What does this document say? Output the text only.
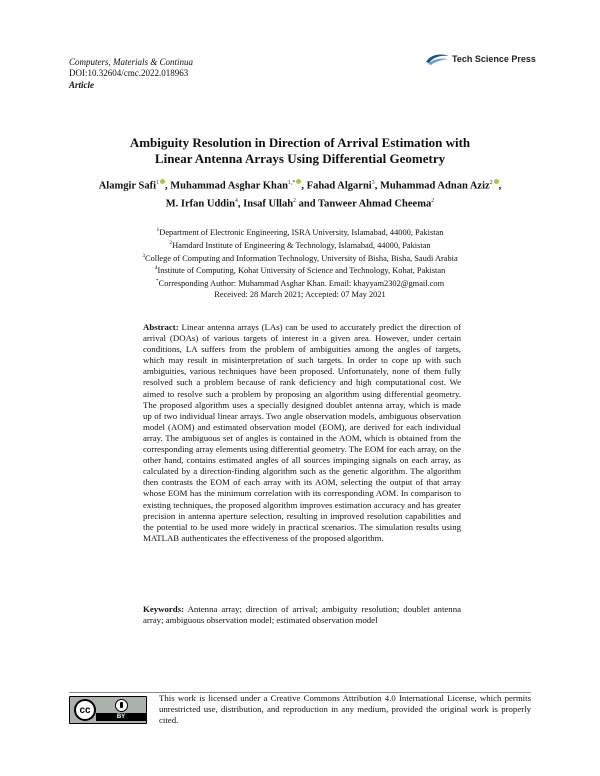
Computers, Materials & Continua
DOI:10.32604/cmc.2022.018963
Article
Tech Science Press
Ambiguity Resolution in Direction of Arrival Estimation with
Linear Antenna Arrays Using Differential Geometry
Alamgir Safi$^1$ , Muhammad Asghar Khan$^{1,*}$ , Fahad Algarni$^3$, Muhammad Adnan Aziz$^2$ ,
M. Irfan Uddin$^4$, Insaf Ullah$^2$ and Tanweer Ahmad Cheema$^2$
$^1$Department of Electronic Engineering, ISRA University, Islamabad, 44000, Pakistan
$^2$Hamdard Institute of Engineering & Technology, Islamabad, 44000, Pakistan
$^3$College of Computing and Information Technology, University of Bisha, Bisha, Saudi Arabia
$^4$Institute of Computing, Kohat University of Science and Technology, Kohat, Pakistan
*Corresponding Author: Muhammad Asghar Khan. Email: khayyam2302@gmail.com
Received: 28 March 2021; Accepted: 07 May 2021
Abstract: Linear antenna arrays (LAs) can be used to accurately predict the direction of arrival (DOAs) of various targets of interest in a given area. However, under certain conditions, LA suffers from the problem of ambiguities among the angles of targets, which may result in misinterpretation of such targets. In order to cope up with such ambiguities, various techniques have been proposed. Unfortunately, none of them fully resolved such a problem because of rank deficiency and high computational cost. We aimed to resolve such a problem by proposing an algorithm using differential geometry. The proposed algorithm uses a specially designed doublet antenna array, which is made up of two individual linear arrays. Two angle observation models, ambiguous observation model (AOM) and estimated observation model (EOM), are derived for each individual array. The ambiguous set of angles is contained in the AOM, which is obtained from the corresponding array elements using differential geometry. The EOM for each array, on the other hand, contains estimated angles of all sources impinging signals on each array, as calculated by a direction-finding algorithm such as the genetic algorithm. The algorithm then contrasts the EOM of each array with its AOM, selecting the output of that array whose EOM has the minimum correlation with its corresponding AOM. In comparison to existing techniques, the proposed algorithm improves estimation accuracy and has greater precision in antenna aperture selection, resulting in improved resolution capabilities and the potential to be used more widely in practical scenarios. The simulation results using MATLAB authenticates the effectiveness of the proposed algorithm.
Keywords: Antenna array; direction of arrival; ambiguity resolution; doublet antenna array; ambiguous observation model; estimated observation model
cc
BY
This work is licensed under a Creative Commons Attribution 4.0 International License, which permits unrestricted use, distribution, and reproduction in any medium, provided the original work is properly cited.
